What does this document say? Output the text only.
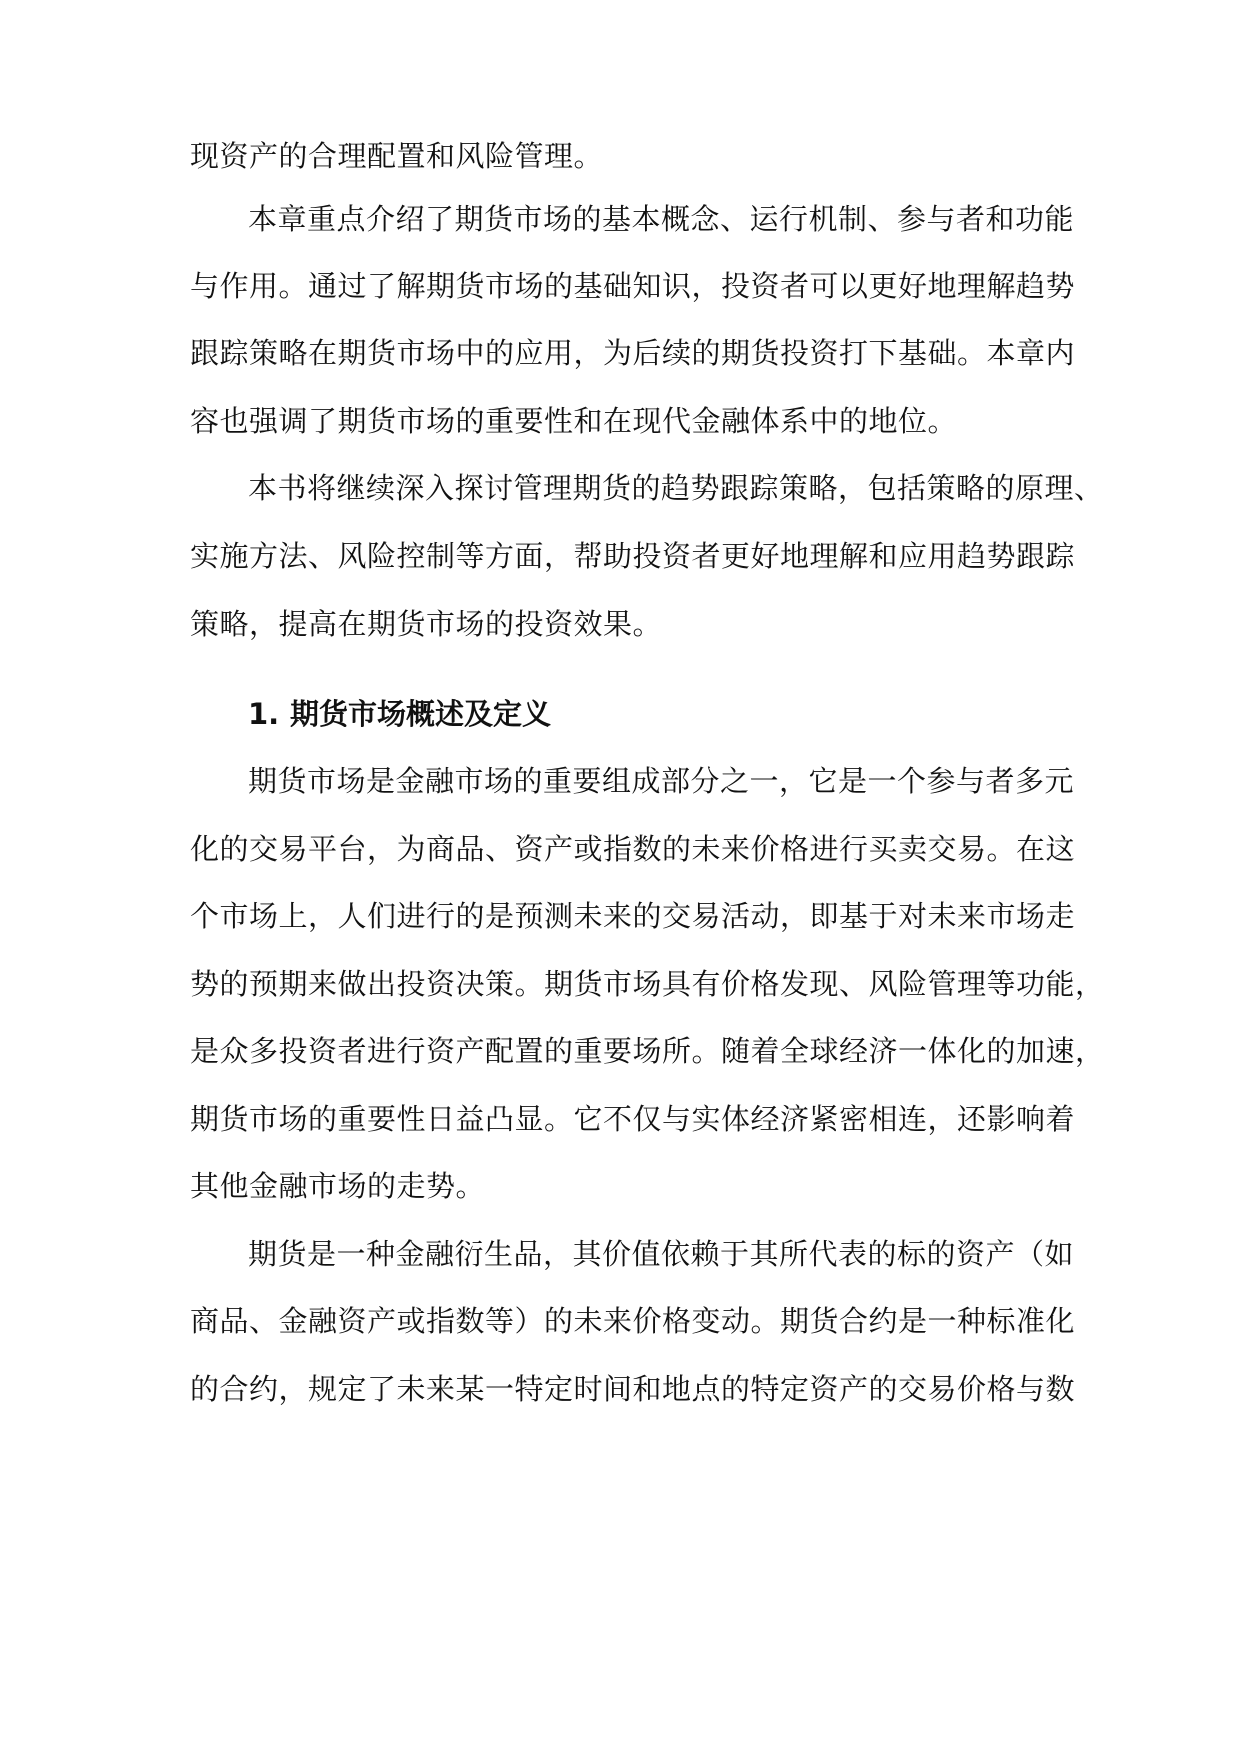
现资产的合理配置和风险管理。
本章重点介绍了期货市场的基本概念、运行机制、参与者和功能
与作用。通过了解期货市场的基础知识，投资者可以更好地理解趋势
跟踪策略在期货市场中的应用，为后续的期货投资打下基础。本章内
容也强调了期货市场的重要性和在现代金融体系中的地位。
本书将继续深入探讨管理期货的趋势跟踪策略，包括策略的原理、
实施方法、风险控制等方面，帮助投资者更好地理解和应用趋势跟踪
策略，提高在期货市场的投资效果。
1. 期货市场概述及定义
期货市场是金融市场的重要组成部分之一，它是一个参与者多元
化的交易平台，为商品、资产或指数的未来价格进行买卖交易。在这
个市场上，人们进行的是预测未来的交易活动，即基于对未来市场走
势的预期来做出投资决策。期货市场具有价格发现、风险管理等功能，
是众多投资者进行资产配置的重要场所。随着全球经济一体化的加速，
期货市场的重要性日益凸显。它不仅与实体经济紧密相连，还影响着
其他金融市场的走势。
期货是一种金融衍生品，其价值依赖于其所代表的标的资产（如
商品、金融资产或指数等）的未来价格变动。期货合约是一种标准化
的合约，规定了未来某一特定时间和地点的特定资产的交易价格与数
